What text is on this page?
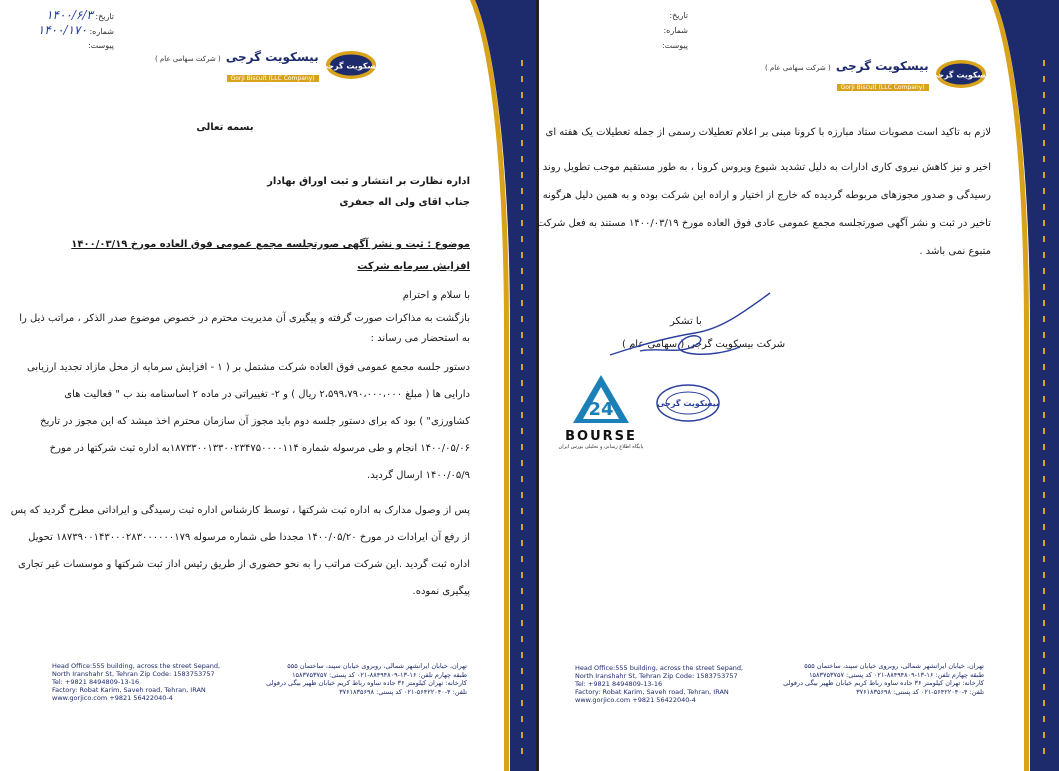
تاریخ: ۱۴۰۰/۶/۳
شماره: ۱۴۰۰/۱۷۰
پیوست:
بیسکویت گرجی
بیسکویت گرجی ( شرکت سهامی عام )
Gorji Biscuit (LLC Company)
بسمه تعالی
اداره نظارت بر انتشار و ثبت اوراق بهادار
جناب اقای ولی اله جعفری
موضوع : ثبت و نشر آگهی صورتجلسه مجمع عمومی فوق العاده مورخ ۱۴۰۰/۰۳/۱۹
افزایش سرمایه شرکت
با سلام و احترام
بازگشت به مذاکرات صورت گرفته و پیگیری آن مدیریت محترم در خصوص موضوع صدر الذکر ، مراتب ذیل را
به استحضار می رساند :
دستور جلسه مجمع عمومی فوق العاده شرکت مشتمل بر ( ۱ - افزایش سرمایه از محل مازاد تجدید ارزیابی
دارایی ها ( مبلغ ۲،۵۹۹،۷۹۰،۰۰۰،۰۰۰ ریال ) و ۲- تغییراتی در ماده ۲ اساسنامه بند ب " فعالیت های
کشاورزی" ) بود که برای دستور جلسه دوم باید مجوز آن سازمان محترم اخذ میشد که این مجوز در تاریخ
۱۴۰۰/۰۵/۰۶ انجام و طی مرسوله شماره ۱۸۷۳۳۰۰۱۳۳۰۰۲۳۴۷۵۰۰۰۰۱۱۴به اداره ثبت شرکتها در مورخ
۱۴۰۰/۰۵/۹ ارسال گردید.
پس از وصول مدارک به اداره ثبت شرکتها ، توسط کارشناس اداره ثبت رسیدگی و ایراداتی مطرح گردید که پس
از رفع آن ایرادات در مورخ ۱۴۰۰/۰۵/۲۰ مجددا طی شماره مرسوله ۱۸۷۳۹۰۰۱۴۳۰۰۰۲۸۳۰۰۰۰۰۰۱۷۹ تحویل
اداره ثبت گردید .این شرکت مراتب را به نحو حضوری از طریق رئیس اداز ثبت شرکتها و موسسات غیر تجاری
پیگیری نموده.
Head Office:555 building, across the street Sepand,
North Iranshahr St, Tehran Zip Code: 1583753757
Tel: +9821 8494809-13-16
Factory: Robat Karim, Saveh road, Tehran, IRAN
www.gorjico.com +9821 56422040-4
تهران، خیابان ایرانشهر شمالی، روبروی خیابان سپند، ساختمان ۵۵۵
طبقه چهارم تلفن: ۱۶-۱۳-۸۸۴۹۴۸۰۹-۰۲۱ کد پستی: ۱۵۸۳۷۵۳۷۵۷
کارخانه: تهران کیلومتر ۳۶ جاده ساوه رباط کریم خیابان ظهیر بیگی درفولی
تلفن: ۴-۵۶۴۲۲۰۴۰-۰۲۱ کد پستی: ۳۷۶۱۸۳۵۶۹۸
تاریخ:
شماره:
پیوست:
بیسکویت گرجی
بیسکویت گرجی ( شرکت سهامی عام )
Gorji Biscuit (LLC Company)
لازم به تاکید است مصوبات ستاد مبارزه با کرونا مبنی بر اعلام تعطیلات رسمی از جمله تعطیلات یک هفته ای
اخیر و نیز کاهش نیروی کاری ادارات به دلیل تشدید شیوع ویروس کرونا ، به طور مستقیم موجب تطویل روند
رسیدگی و صدور مجوزهای مربوطه گردیده که خارج از اختیار و اراده این شرکت بوده و به همین دلیل هرگونه
تاخیر در ثبت و نشر آگهی صورتجلسه مجمع عمومی عادی فوق العاده مورخ ۱۴۰۰/۰۳/۱۹ مستند به فعل شرکت
متبوع نمی باشد .
با تشکر
شرکت بیسکویت گرجی ( سهامی عام )
بیسکویت گرجی
Head Office:555 building, across the street Sepand,
North Iranshahr St, Tehran Zip Code: 1583753757
Tel: +9821 8494809-13-16
Factory: Robat Karim, Saveh road, Tehran, IRAN
www.gorjico.com +9821 56422040-4
تهران، خیابان ایرانشهر شمالی، روبروی خیابان سپند، ساختمان ۵۵۵
طبقه چهارم تلفن: ۱۶-۱۳-۸۸۴۹۴۸۰۹-۰۲۱ کد پستی: ۱۵۸۳۷۵۳۷۵۷
کارخانه: تهران کیلومتر ۳۶ جاده ساوه رباط کریم خیابان ظهیر بیگی درفولی
تلفن: ۴-۵۶۴۲۲۰۴۰-۰۲۱ کد پستی: ۳۷۶۱۸۳۵۶۹۸
24
BOURSE
پایگاه اطلاع رسانی و تحلیلی بورس ایران
